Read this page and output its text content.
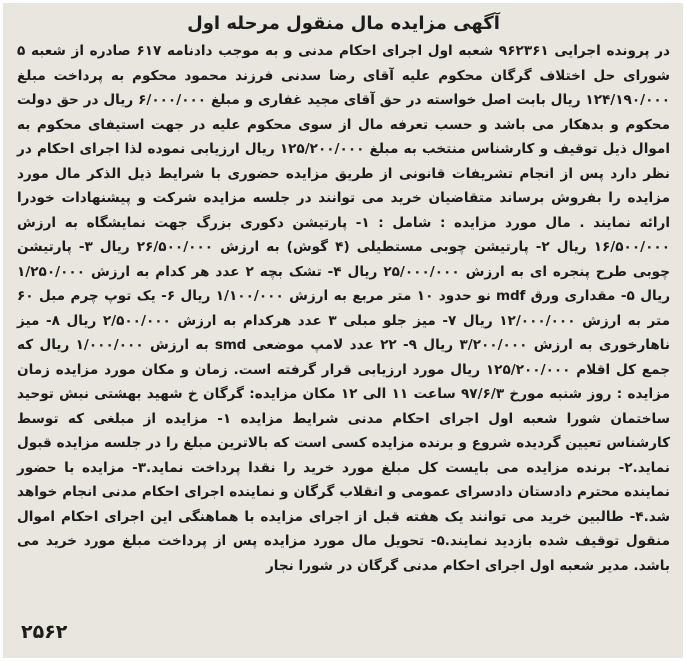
آگهی مزایده مال منقول مرحله اول

در پرونده اجرایی ۹۶۲۳۶۱ شعبه اول اجرای احکام مدنی و به موجب دادنامه ۶۱۷ صادره از شعبه ۵ شورای حل اختلاف گرگان محکوم علیه آقای رضا سدنی فرزند محمود محکوم به پرداخت مبلغ ۱۲۴/۱۹۰/۰۰۰ ریال بابت اصل خواسته در حق آقای مجید غفاری و مبلغ ۶/۰۰۰/۰۰۰ ریال در حق دولت محکوم و بدهکار می باشد و حسب تعرفه مال از سوی محکوم علیه در جهت استیفای محکوم به اموال ذیل توقیف و کارشناس منتخب به مبلغ ۱۲۵/۲۰۰/۰۰۰ ریال ارزیابی نموده لذا اجرای احکام در نظر دارد پس از انجام تشریفات قانونی از طریق مزایده حضوری با شرایط ذیل الذکر مال مورد مزایده را بفروش برساند متقاضیان خرید می توانند در جلسه مزایده شرکت و پیشنهادات خودرا ارائه نمایند . مال مورد مزایده : شامل : ۱- پارتیشن دکوری بزرگ جهت نمایشگاه به ارزش ۱۶/۵۰۰/۰۰۰ ریال ۲- پارتیشن چوبی مستطیلی (۴ گوش) به ارزش ۲۶/۵۰۰/۰۰۰ ریال ۳- پارتیشن چوبی طرح پنجره ای به ارزش ۲۵/۰۰۰/۰۰۰ ریال ۴- تشک بچه ۲ عدد هر کدام به ارزش ۱/۲۵۰/۰۰۰ ریال ۵- مقداری ورق mdf نو حدود ۱۰ متر مربع به ارزش ۱/۱۰۰/۰۰۰ ریال ۶- یک توپ چرم مبل ۶۰ متر به ارزش ۱۲/۰۰۰/۰۰۰ ریال ۷- میز جلو مبلی ۳ عدد هرکدام به ارزش ۲/۵۰۰/۰۰۰ ریال ۸- میز ناهارخوری به ارزش ۳/۲۰۰/۰۰۰ ریال ۹- ۲۲ عدد لامپ موضعی smd به ارزش ۱/۰۰۰/۰۰۰ ریال که جمع کل اقلام ۱۲۵/۲۰۰/۰۰۰ ریال مورد ارزیابی قرار گرفته است. زمان و مکان مورد مزایده زمان مزایده : روز شنبه مورخ ۹۷/۶/۳ ساعت ۱۱ الی ۱۲ مکان مزایده: گرگان خ شهید بهشتی نبش توحید ساختمان شورا شعبه اول اجرای احکام مدنی شرایط مزایده ۱- مزایده از مبلغی که توسط کارشناس تعیین گردیده شروع و برنده مزایده کسی است که بالاترین مبلغ را در جلسه مزایده قبول نماید.۲- برنده مزایده می بایست کل مبلغ مورد خرید را نقدا پرداخت نماید.۳- مزایده با حضور نماینده محترم دادستان دادسرای عمومی و انقلاب گرگان و نماینده اجرای احکام مدنی انجام خواهد شد.۴- طالبین خرید می توانند یک هفته قبل از اجرای مزایده با هماهنگی این اجرای احکام اموال منقول توقیف شده بازدید نمایند.۵- تحویل مال مورد مزایده پس از پرداخت مبلغ مورد خرید می باشد. مدیر شعبه اول اجرای احکام مدنی گرگان در شورا نجار

۲۵۶۲
